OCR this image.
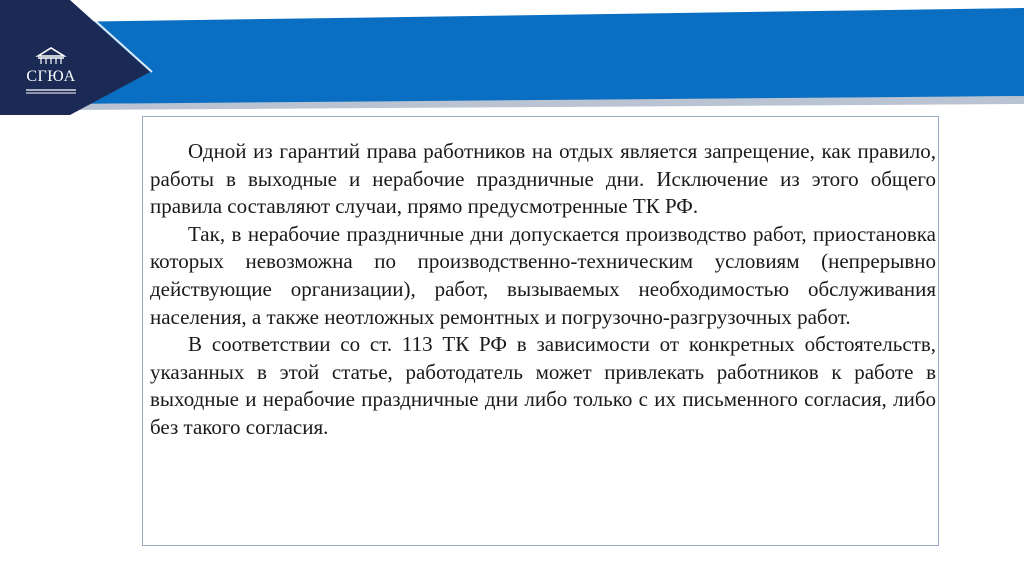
СГЮА

Одной из гарантий права работников на отдых является запрещение, как правило, работы в выходные и нерабочие праздничные дни. Исключение из этого общего правила составляют случаи, прямо предусмотренные ТК РФ.

Так, в нерабочие праздничные дни допускается производство работ, приостановка которых невозможна по производственно-техническим условиям (непрерывно действующие организации), работ, вызываемых необходимостью обслуживания населения, а также неотложных ремонтных и погрузочно-разгрузочных работ.

В соответствии со ст. 113 ТК РФ в зависимости от конкретных обстоятельств, указанных в этой статье, работодатель может привлекать работников к работе в выходные и нерабочие праздничные дни либо только с их письменного согласия, либо без такого согласия.
